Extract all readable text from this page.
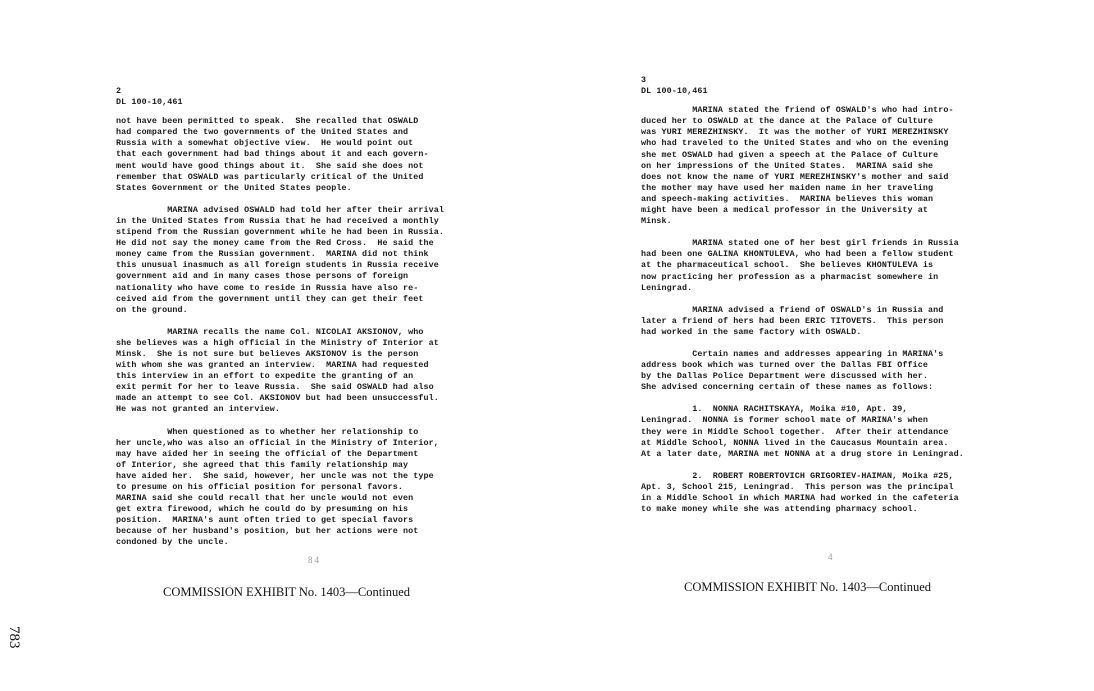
2

DL 100-10,461

not have been permitted to speak.  She recalled that OSWALD
had compared the two governments of the United States and
Russia with a somewhat objective view.  He would point out
that each government had bad things about it and each govern-
ment would have good things about it.  She said she does not
remember that OSWALD was particularly critical of the United
States Government or the United States people.
MARINA advised OSWALD had told her after their arrival
in the United States from Russia that he had received a monthly
stipend from the Russian government while he had been in Russia.
He did not say the money came from the Red Cross.  He said the
money came from the Russian government.  MARINA did not think
this unusual inasmuch as all foreign students in Russia receive
government aid and in many cases those persons of foreign
nationality who have come to reside in Russia have also re-
ceived aid from the government until they can get their feet
on the ground.
MARINA recalls the name Col. NICOLAI AKSIONOV, who
she believes was a high official in the Ministry of Interior at
Minsk.  She is not sure but believes AKSIONOV is the person
with whom she was granted an interview.  MARINA had requested
this interview in an effort to expedite the granting of an
exit permit for her to leave Russia.  She said OSWALD had also
made an attempt to see Col. AKSIONOV but had been unsuccessful.
He was not granted an interview.
When questioned as to whether her relationship to
her uncle,who was also an official in the Ministry of Interior,
may have aided her in seeing the official of the Department
of Interior, she agreed that this family relationship may
have aided her.  She said, however, her uncle was not the type
to presume on his official position for personal favors.
MARINA said she could recall that her uncle would not even
get extra firewood, which he could do by presuming on his
position.  MARINA's aunt often tried to get special favors
because of her husband's position, but her actions were not
condoned by the uncle.
84
COMMISSION EXHIBIT No. 1403—Continued

3

DL 100-10,461

MARINA stated the friend of OSWALD's who had intro-
duced her to OSWALD at the dance at the Palace of Culture
was YURI MEREZHINSKY.  It was the mother of YURI MEREZHINSKY
who had traveled to the United States and who on the evening
she met OSWALD had given a speech at the Palace of Culture
on her impressions of the United States.  MARINA said she
does not know the name of YURI MEREZHINSKY's mother and said
the mother may have used her maiden name in her traveling
and speech-making activities.  MARINA believes this woman
might have been a medical professor in the University at
Minsk.
MARINA stated one of her best girl friends in Russia
had been one GALINA KHONTULEVA, who had been a fellow student
at the pharmaceutical school.  She believes KHONTULEVA is
now practicing her profession as a pharmacist somewhere in
Leningrad.
MARINA advised a friend of OSWALD's in Russia and
later a friend of hers had been ERIC TITOVETS.  This person
had worked in the same factory with OSWALD.
Certain names and addresses appearing in MARINA's
address book which was turned over the Dallas FBI Office
by the Dallas Police Department were discussed with her.
She advised concerning certain of these names as follows:
1.  NONNA RACHITSKAYA, Moika #10, Apt. 39,
Leningrad.  NONNA is former school mate of MARINA's when
they were in Middle School together.  After their attendance
at Middle School, NONNA lived in the Caucasus Mountain area.
At a later date, MARINA met NONNA at a drug store in Leningrad.
2.  ROBERT ROBERTOVICH GRIGORIEV-HAIMAN, Moika #25,
Apt. 3, School 215, Leningrad.  This person was the principal
in a Middle School in which MARINA had worked in the cafeteria
to make money while she was attending pharmacy school.
4
COMMISSION EXHIBIT No. 1403—Continued
783
